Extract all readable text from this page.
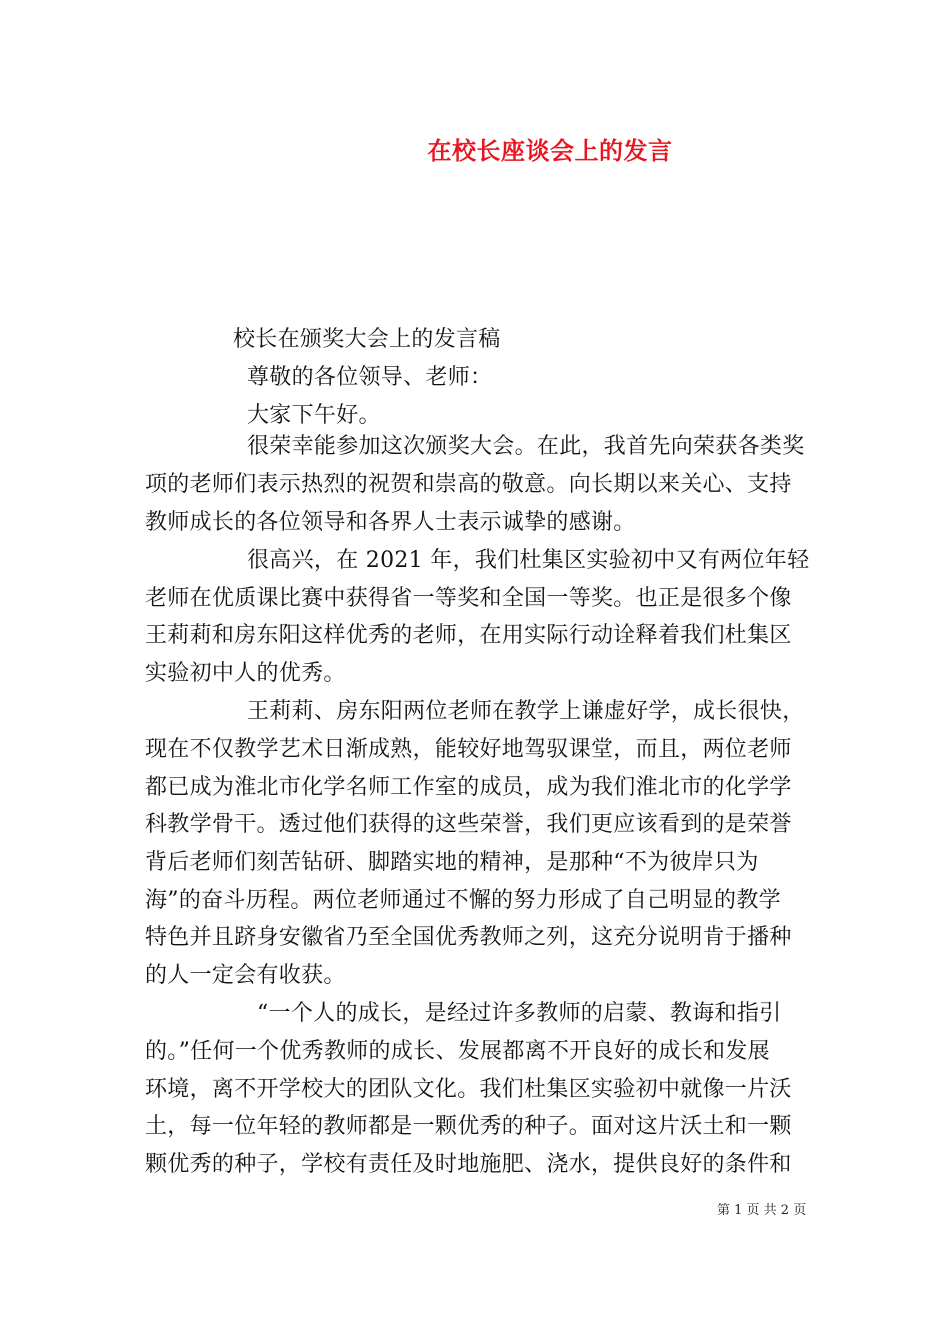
在校长座谈会上的发言
校长在颁奖大会上的发言稿
尊敬的各位领导、老师：
大家下午好。
很荣幸能参加这次颁奖大会。在此，我首先向荣获各类奖
项的老师们表示热烈的祝贺和崇高的敬意。向长期以来关心、支持
教师成长的各位领导和各界人士表示诚挚的感谢。
很高兴，在 2021 年，我们杜集区实验初中又有两位年轻
老师在优质课比赛中获得省一等奖和全国一等奖。也正是很多个像
王莉莉和房东阳这样优秀的老师，在用实际行动诠释着我们杜集区
实验初中人的优秀。
王莉莉、房东阳两位老师在教学上谦虚好学，成长很快，
现在不仅教学艺术日渐成熟，能较好地驾驭课堂，而且，两位老师
都已成为淮北市化学名师工作室的成员，成为我们淮北市的化学学
科教学骨干。透过他们获得的这些荣誉，我们更应该看到的是荣誉
背后老师们刻苦钻研、脚踏实地的精神，是那种“不为彼岸只为
海”的奋斗历程。两位老师通过不懈的努力形成了自己明显的教学
特色并且跻身安徽省乃至全国优秀教师之列，这充分说明肯于播种
的人一定会有收获。
“一个人的成长，是经过许多教师的启蒙、教诲和指引
的。”任何一个优秀教师的成长、发展都离不开良好的成长和发展
环境，离不开学校大的团队文化。我们杜集区实验初中就像一片沃
土，每一位年轻的教师都是一颗优秀的种子。面对这片沃土和一颗
颗优秀的种子，学校有责任及时地施肥、浇水，提供良好的条件和
第 1 页 共 2 页
